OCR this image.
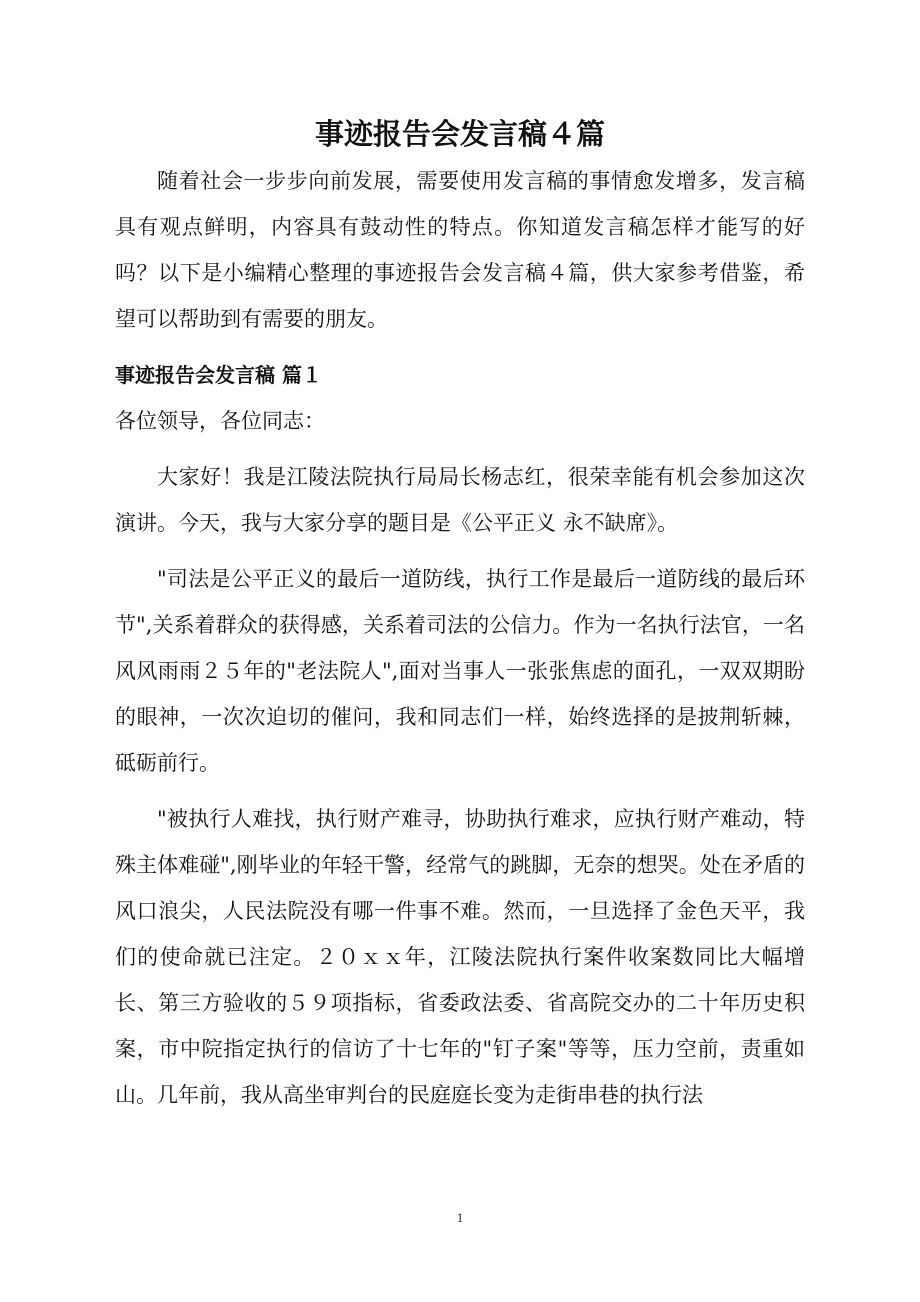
事迹报告会发言稿４篇

随着社会一步步向前发展，需要使用发言稿的事情愈发增多，发言稿具有观点鲜明，内容具有鼓动性的特点。你知道发言稿怎样才能写的好吗？以下是小编精心整理的事迹报告会发言稿４篇，供大家参考借鉴，希望可以帮助到有需要的朋友。

事迹报告会发言稿 篇１

各位领导，各位同志：

大家好！我是江陵法院执行局局长杨志红，很荣幸能有机会参加这次演讲。今天，我与大家分享的题目是《公平正义 永不缺席》。

"司法是公平正义的最后一道防线，执行工作是最后一道防线的最后环节",关系着群众的获得感，关系着司法的公信力。作为一名执行法官，一名风风雨雨２５年的"老法院人",面对当事人一张张焦虑的面孔，一双双期盼的眼神，一次次迫切的催问，我和同志们一样，始终选择的是披荆斩棘，砥砺前行。

"被执行人难找，执行财产难寻，协助执行难求，应执行财产难动，特殊主体难碰",刚毕业的年轻干警，经常气的跳脚，无奈的想哭。处在矛盾的风口浪尖，人民法院没有哪一件事不难。然而，一旦选择了金色天平，我们的使命就已注定。２０ｘｘ年，江陵法院执行案件收案数同比大幅增长、第三方验收的５９项指标，省委政法委、省高院交办的二十年历史积案，市中院指定执行的信访了十七年的"钉子案"等等，压力空前，责重如山。几年前，我从高坐审判台的民庭庭长变为走街串巷的执行法

1
